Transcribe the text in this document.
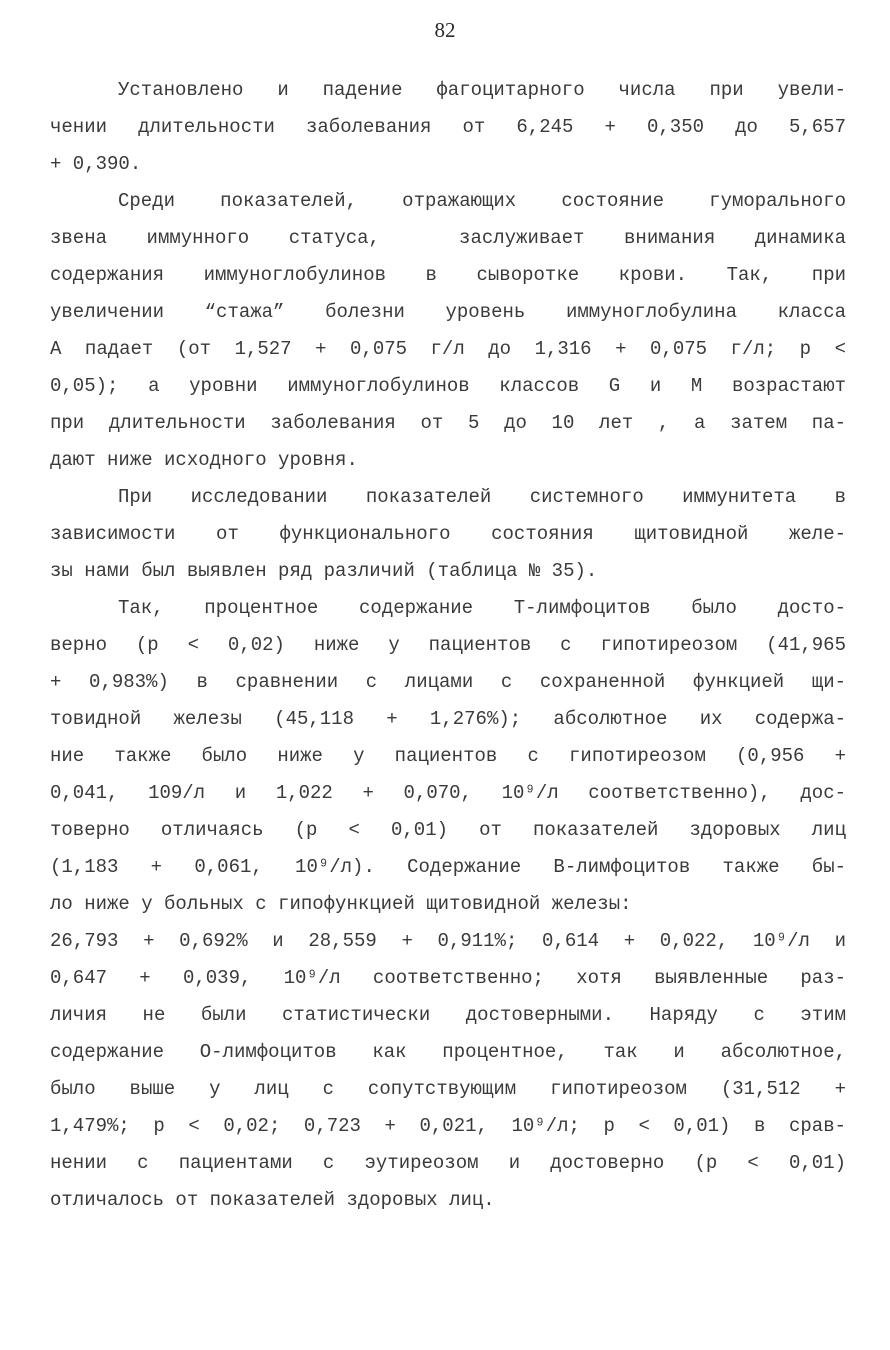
82
Установлено и падение фагоцитарного числа при увели-
чении длительности заболевания от 6,245 + 0,350 до 5,657
+ 0,390.
Среди показателей, отражающих состояние гуморального
звена иммунного статуса,  заслуживает внимания динамика
содержания иммуноглобулинов в сыворотке крови. Так, при
увеличении “стажа” болезни уровень иммуноглобулина класса
А падает (от 1,527 + 0,075 г/л до 1,316 + 0,075 г/л; р <
0,05); а уровни иммуноглобулинов классов G и М возрастают
при длительности заболевания от 5 до 10 лет , а затем па-
дают ниже исходного уровня.
При исследовании показателей системного иммунитета в
зависимости от функционального состояния щитовидной желе-
зы нами был выявлен ряд различий (таблица № 35).
Так, процентное содержание Т-лимфоцитов было досто-
верно (р < 0,02) ниже у пациентов с гипотиреозом (41,965
+ 0,983%) в сравнении с лицами с сохраненной функцией щи-
товидной железы (45,118 + 1,276%); абсолютное их содержа-
ние также было ниже у пациентов с гипотиреозом (0,956 +
0,041, 109/л и 1,022 + 0,070, 10⁹/л соответственно), дос-
товерно отличаясь (р < 0,01) от показателей здоровых лиц
(1,183 + 0,061, 10⁹/л). Содержание В-лимфоцитов также бы-
ло ниже у больных с гипофункцией щитовидной железы:
26,793 + 0,692% и 28,559 + 0,911%; 0,614 + 0,022, 10⁹/л и
0,647 + 0,039, 10⁹/л соответственно; хотя выявленные раз-
личия не были статистически достоверными. Наряду с этим
содержание О-лимфоцитов как процентное, так и абсолютное,
было выше у лиц с сопутствующим гипотиреозом (31,512 +
1,479%; р < 0,02; 0,723 + 0,021, 10⁹/л; р < 0,01) в срав-
нении с пациентами с эутиреозом и достоверно (р < 0,01)
отличалось от показателей здоровых лиц.
